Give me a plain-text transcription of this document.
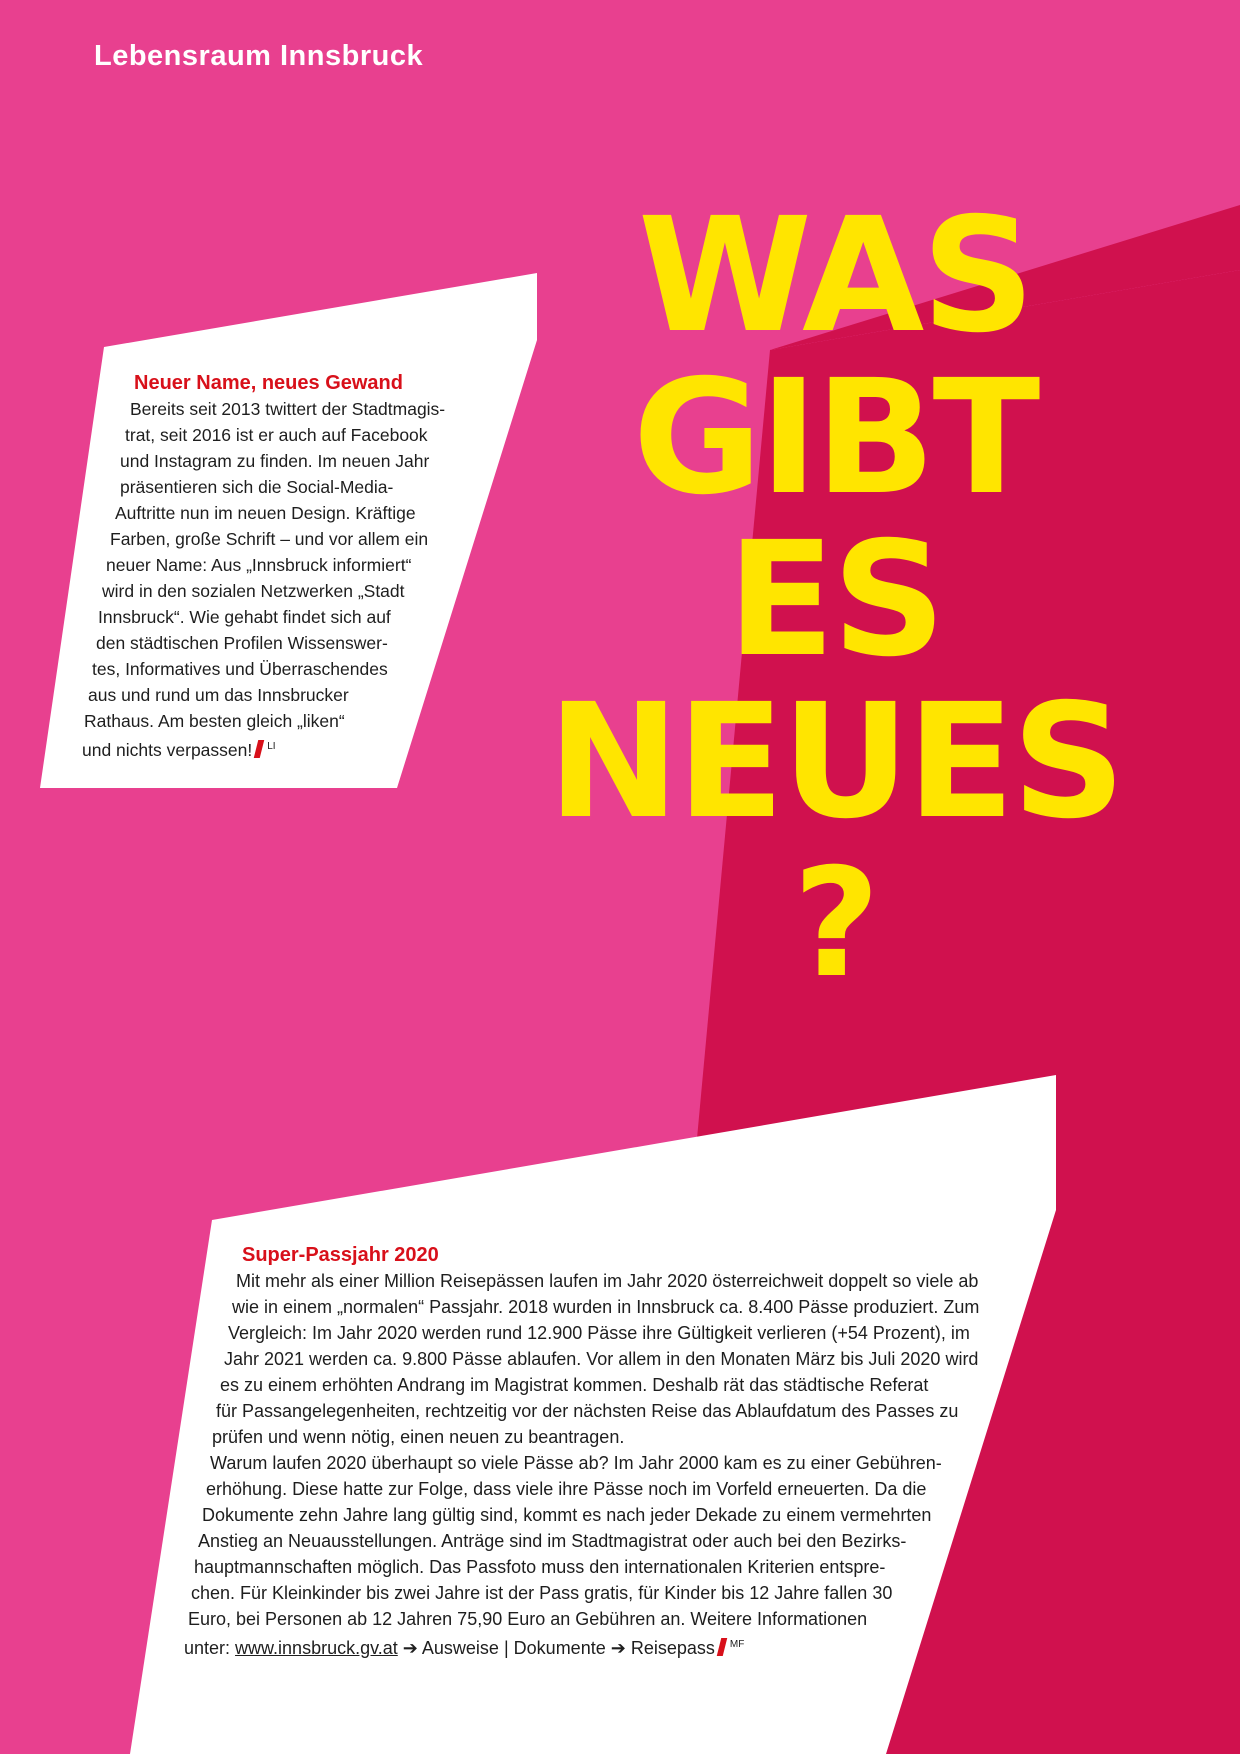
Lebensraum Innsbruck
WAS
GIBT
ES
NEUES
?
Neuer Name, neues Gewand
Bereits seit 2013 twittert der Stadtmagis-
trat, seit 2016 ist er auch auf Facebook
und Instagram zu finden. Im neuen Jahr
präsentieren sich die Social-Media-
Auftritte nun im neuen Design. Kräftige
Farben, große Schrift – und vor allem ein
neuer Name: Aus „Innsbruck informiert“
wird in den sozialen Netzwerken „Stadt
Innsbruck“. Wie gehabt findet sich auf
den städtischen Profilen Wissenswer-
tes, Informatives und Überraschendes
aus und rund um das Innsbrucker
Rathaus. Am besten gleich „liken“
und nichts verpassen! $^{LI}$
Super-Passjahr 2020
Mit mehr als einer Million Reisepässen laufen im Jahr 2020 österreichweit doppelt so viele ab
wie in einem „normalen“ Passjahr. 2018 wurden in Innsbruck ca. 8.400 Pässe produziert. Zum
Vergleich: Im Jahr 2020 werden rund 12.900 Pässe ihre Gültigkeit verlieren (+54 Prozent), im
Jahr 2021 werden ca. 9.800 Pässe ablaufen. Vor allem in den Monaten März bis Juli 2020 wird
es zu einem erhöhten Andrang im Magistrat kommen. Deshalb rät das städtische Referat
für Passangelegenheiten, rechtzeitig vor der nächsten Reise das Ablaufdatum des Passes zu
prüfen und wenn nötig, einen neuen zu beantragen.
Warum laufen 2020 überhaupt so viele Pässe ab? Im Jahr 2000 kam es zu einer Gebühren-
erhöhung. Diese hatte zur Folge, dass viele ihre Pässe noch im Vorfeld erneuerten. Da die
Dokumente zehn Jahre lang gültig sind, kommt es nach jeder Dekade zu einem vermehrten
Anstieg an Neuausstellungen. Anträge sind im Stadtmagistrat oder auch bei den Bezirks-
hauptmannschaften möglich. Das Passfoto muss den internationalen Kriterien entspre-
chen. Für Kleinkinder bis zwei Jahre ist der Pass gratis, für Kinder bis 12 Jahre fallen 30
Euro, bei Personen ab 12 Jahren 75,90 Euro an Gebühren an. Weitere Informationen
unter: www.innsbruck.gv.at ➔ Ausweise | Dokumente ➔ Reisepass $^{MF}$
